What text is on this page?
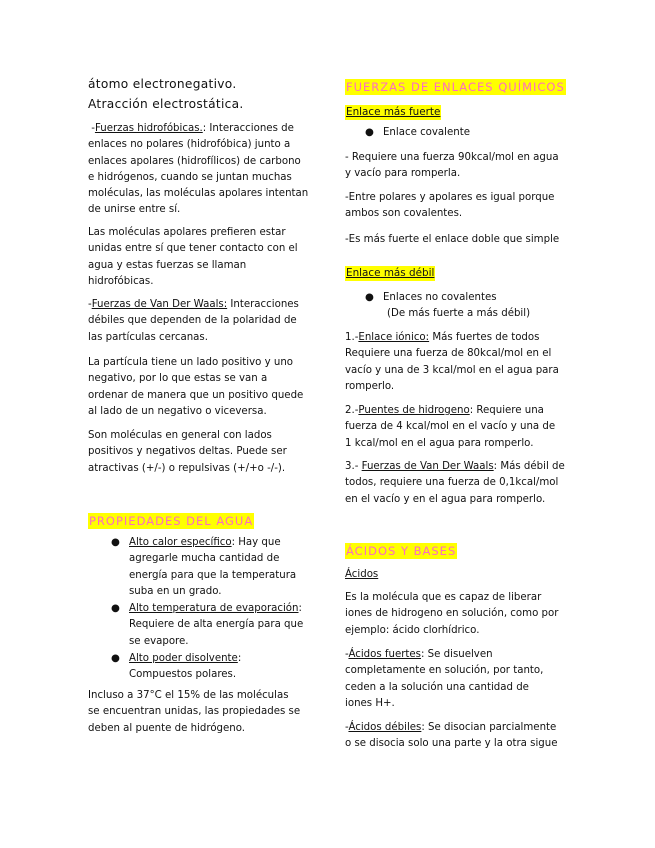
átomo electronegativo. Atracción electrostática.

-Fuerzas hidrofóbicas.: Interacciones de enlaces no polares (hidrofóbica) junto a enlaces apolares (hidrofílicos) de carbono e hidrógenos, cuando se juntan muchas moléculas, las moléculas apolares intentan de unirse entre sí.

Las moléculas apolares prefieren estar unidas entre sí que tener contacto con el agua y estas fuerzas se llaman hidrofóbicas.

-Fuerzas de Van Der Waals: Interacciones débiles que dependen de la polaridad de las partículas cercanas.

La partícula tiene un lado positivo y uno negativo, por lo que estas se van a ordenar de manera que un positivo quede al lado de un negativo o viceversa.

Son moléculas en general con lados positivos y negativos deltas. Puede ser atractivas (+/-) o repulsivas (+/+o -/-).

PROPIEDADES DEL AGUA
● Alto calor específico: Hay que agregarle mucha cantidad de energía para que la temperatura suba en un grado.
● Alto temperatura de evaporación: Requiere de alta energía para que se evapore.
● Alto poder disolvente: Compuestos polares.

Incluso a 37°C el 15% de las moléculas se encuentran unidas, las propiedades se deben al puente de hidrógeno.

FUERZAS DE ENLACES QUÍMICOS
Enlace más fuerte
● Enlace covalente

- Requiere una fuerza 90kcal/mol en agua y vacío para romperla.

-Entre polares y apolares es igual porque ambos son covalentes.

-Es más fuerte el enlace doble que simple

Enlace más débil
● Enlaces no covalentes
(De más fuerte a más débil)

1.-Enlace iónico: Más fuertes de todos Requiere una fuerza de 80kcal/mol en el vacío y una de 3 kcal/mol en el agua para romperlo.

2.-Puentes de hidrogeno: Requiere una fuerza de 4 kcal/mol en el vacío y una de 1 kcal/mol en el agua para romperlo.

3.- Fuerzas de Van Der Waals: Más débil de todos, requiere una fuerza de 0,1kcal/mol en el vacío y en el agua para romperlo.

ÁCIDOS Y BASES

Ácidos

Es la molécula que es capaz de liberar iones de hidrogeno en solución, como por ejemplo: ácido clorhídrico.

-Ácidos fuertes: Se disuelven completamente en solución, por tanto, ceden a la solución una cantidad de iones H+.

-Ácidos débiles: Se disocian parcialmente o se disocia solo una parte y la otra sigue
